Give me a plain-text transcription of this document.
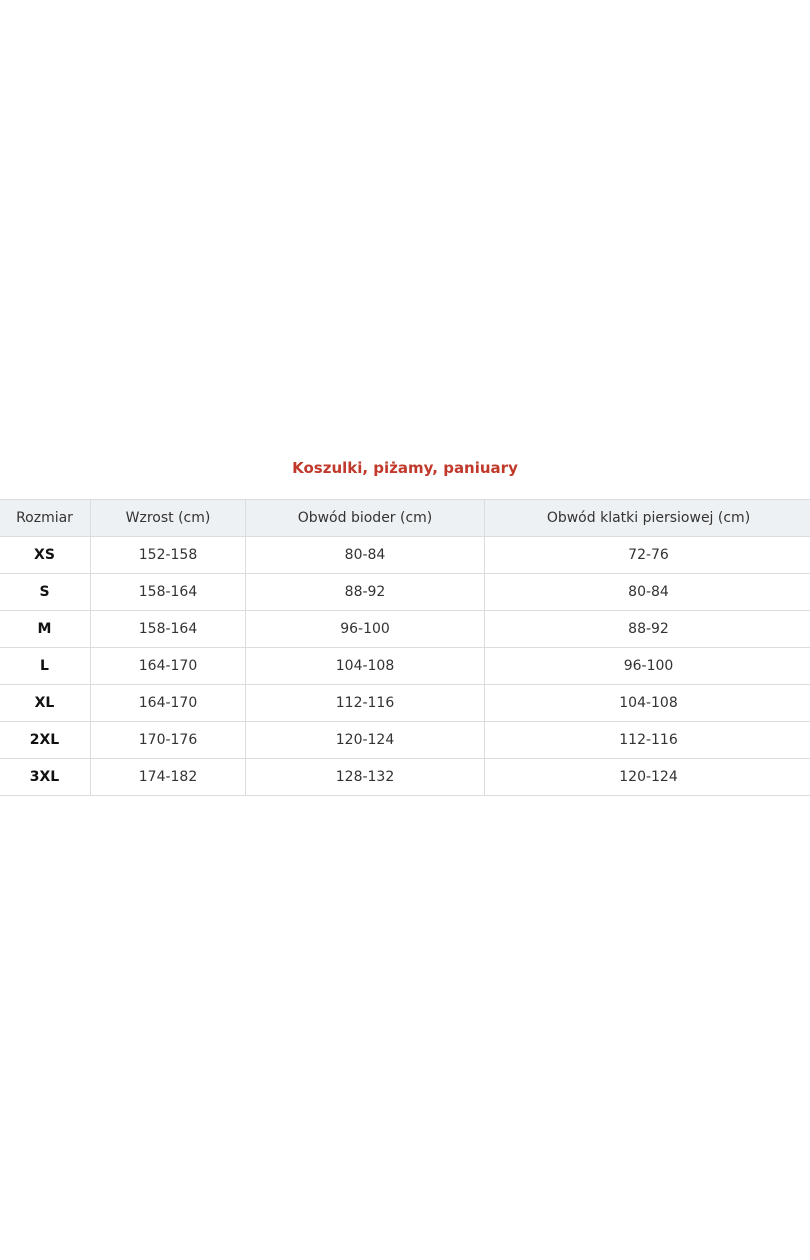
Koszulki, piżamy, paniuary
Rozmiar	Wzrost (cm)	Obwód bioder (cm)	Obwód klatki piersiowej (cm)
XS	152-158	80-84	72-76
S	158-164	88-92	80-84
M	158-164	96-100	88-92
L	164-170	104-108	96-100
XL	164-170	112-116	104-108
2XL	170-176	120-124	112-116
3XL	174-182	128-132	120-124
